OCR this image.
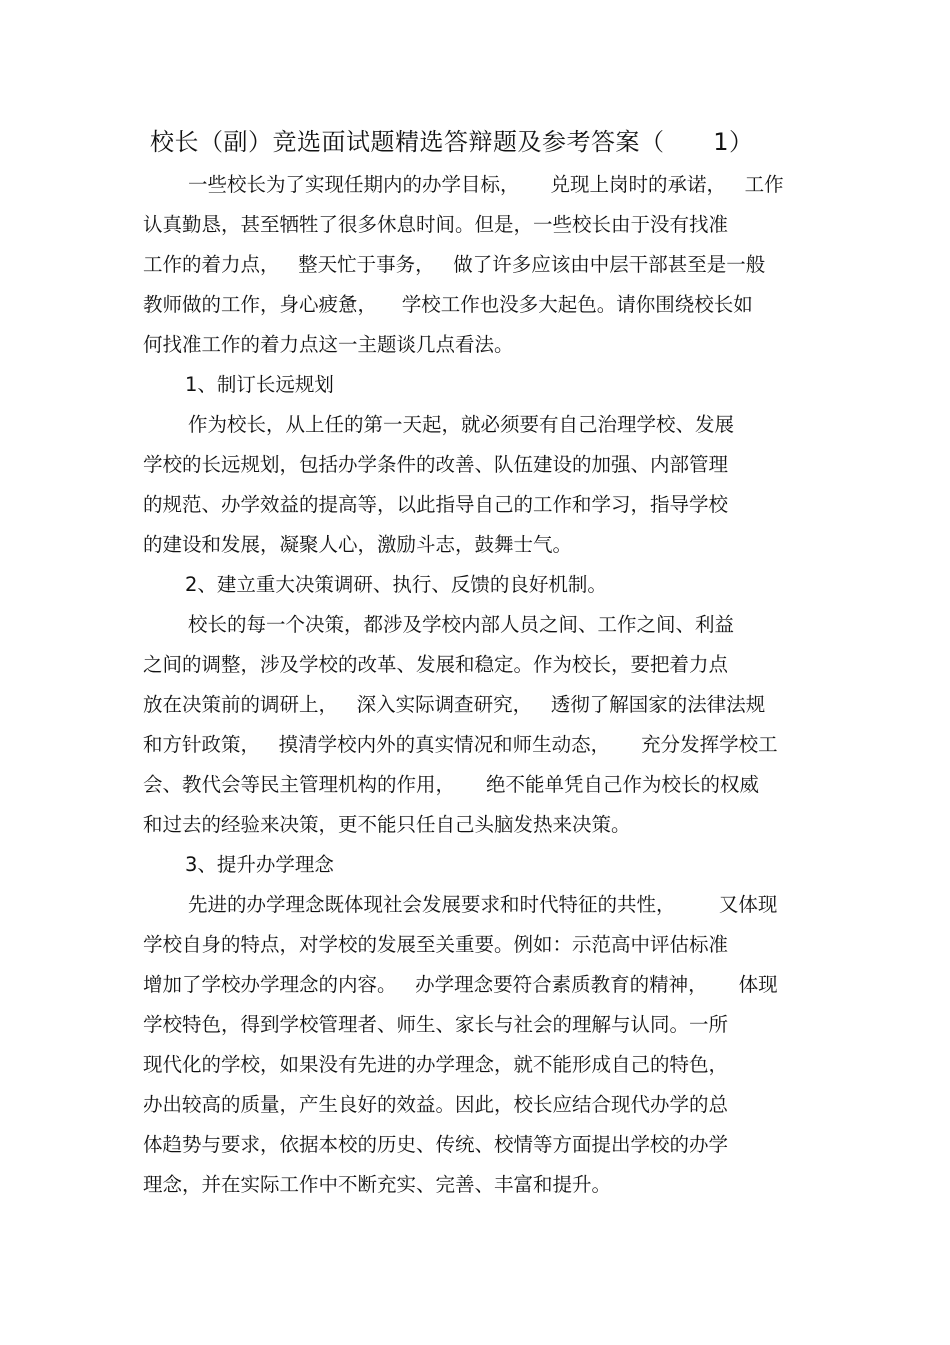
校长（副）竞选面试题精选答辩题及参考答案（      1）
一些校长为了实现任期内的办学目标，     兑现上岗时的承诺，   工作
认真勤恳，甚至牺牲了很多休息时间。但是，一些校长由于没有找准
工作的着力点，   整天忙于事务，   做了许多应该由中层干部甚至是一般
教师做的工作，身心疲惫，    学校工作也没多大起色。请你围绕校长如
何找准工作的着力点这一主题谈几点看法。
1、制订长远规划
作为校长，从上任的第一天起，就必须要有自己治理学校、发展
学校的长远规划，包括办学条件的改善、队伍建设的加强、内部管理
的规范、办学效益的提高等，以此指导自己的工作和学习，指导学校
的建设和发展，凝聚人心，激励斗志，鼓舞士气。
2、建立重大决策调研、执行、反馈的良好机制。
校长的每一个决策，都涉及学校内部人员之间、工作之间、利益
之间的调整，涉及学校的改革、发展和稳定。作为校长，要把着力点
放在决策前的调研上，   深入实际调查研究，   透彻了解国家的法律法规
和方针政策，   摸清学校内外的真实情况和师生动态，     充分发挥学校工
会、教代会等民主管理机构的作用，     绝不能单凭自己作为校长的权威
和过去的经验来决策，更不能只任自己头脑发热来决策。
3、提升办学理念
先进的办学理念既体现社会发展要求和时代特征的共性，       又体现
学校自身的特点，对学校的发展至关重要。例如：示范高中评估标准
增加了学校办学理念的内容。   办学理念要符合素质教育的精神，     体现
学校特色，得到学校管理者、师生、家长与社会的理解与认同。一所
现代化的学校，如果没有先进的办学理念，就不能形成自己的特色，
办出较高的质量，产生良好的效益。因此，校长应结合现代办学的总
体趋势与要求，依据本校的历史、传统、校情等方面提出学校的办学
理念，并在实际工作中不断充实、完善、丰富和提升。
